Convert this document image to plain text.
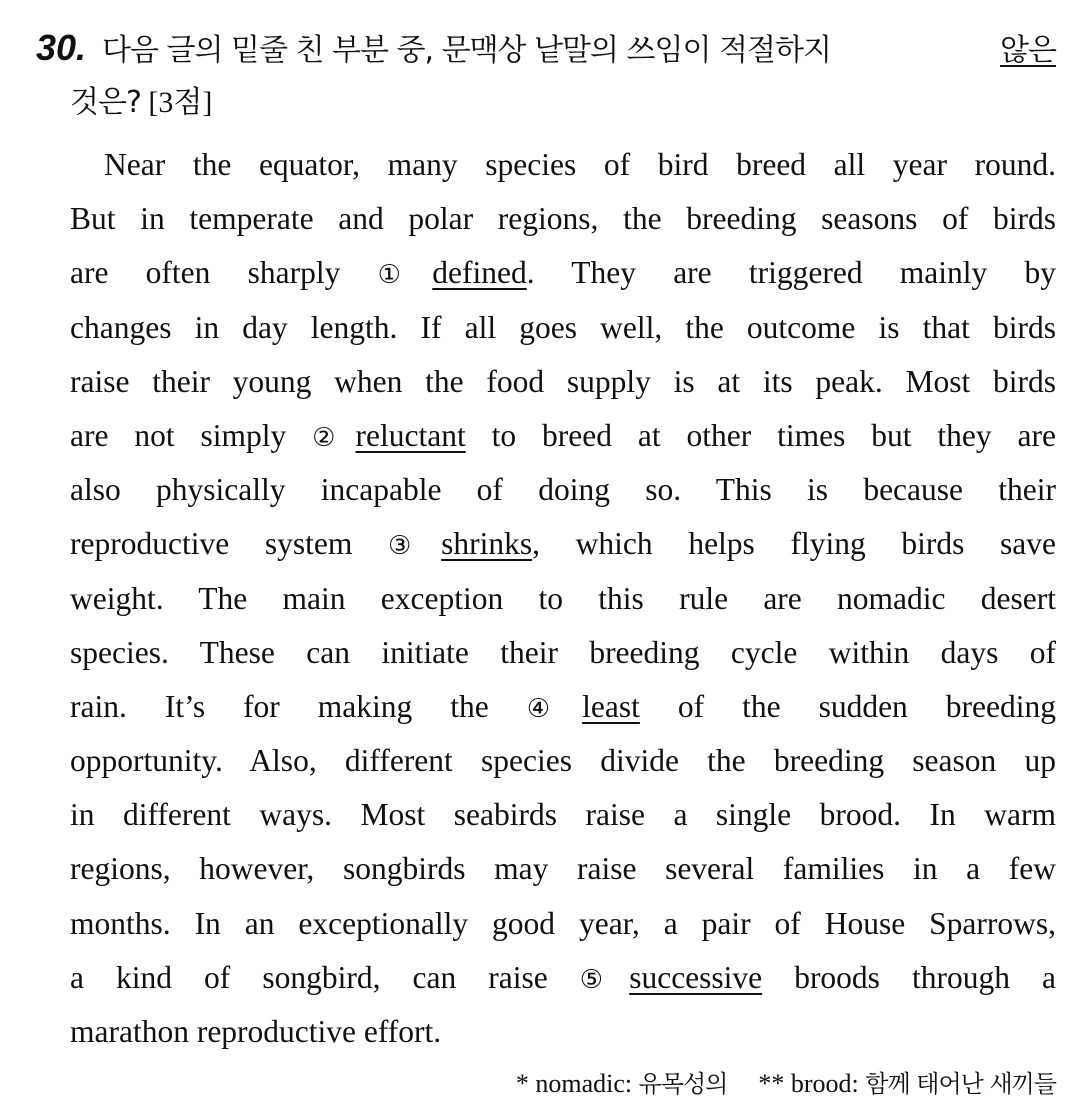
30. 다음 글의 밑줄 친 부분 중, 문맥상 낱말의 쓰임이 적절하지	않은
것은? [3점]
Near the equator, many species of bird breed all year round.
But in temperate and polar regions, the breeding seasons of birds
are often sharply ①defined. They are triggered mainly by
changes in day length. If all goes well, the outcome is that birds
raise their young when the food supply is at its peak. Most birds
are not simply ②reluctant to breed at other times but they are
also physically incapable of doing so. This is because their
reproductive system ③shrinks, which helps flying birds save
weight. The main exception to this rule are nomadic desert
species. These can initiate their breeding cycle within days of
rain. It’s for making the ④least of the sudden breeding
opportunity. Also, different species divide the breeding season up
in different ways. Most seabirds raise a single brood. In warm
regions, however, songbirds may raise several families in a few
months. In an exceptionally good year, a pair of House Sparrows,
a kind of songbird, can raise ⑤successive broods through a
marathon reproductive effort.
* nomadic: 유목성의 ** brood: 함께 태어난 새끼들
